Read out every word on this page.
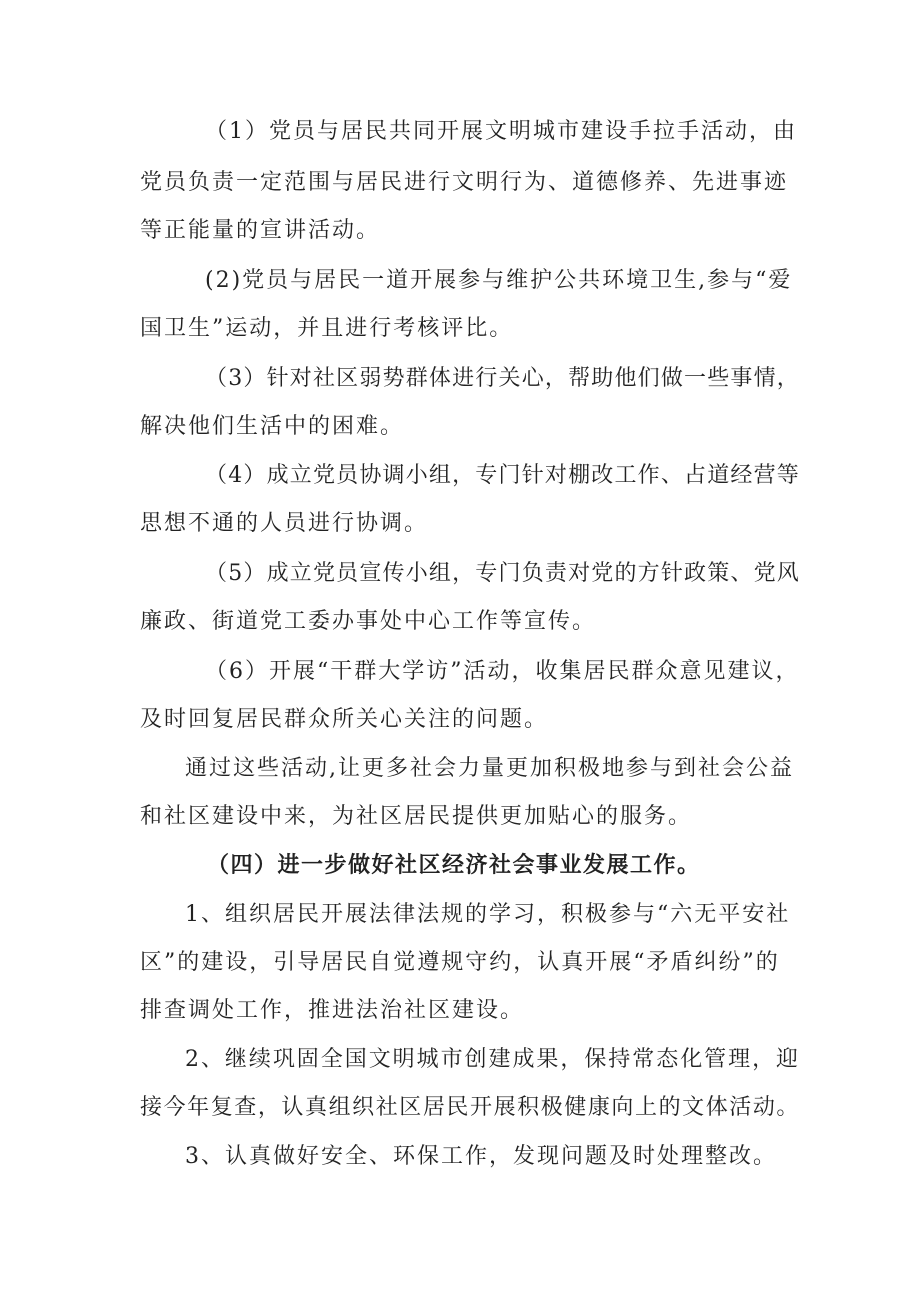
（1）党员与居民共同开展文明城市建设手拉手活动，由
党员负责一定范围与居民进行文明行为、道德修养、先进事迹
等正能量的宣讲活动。
(2)党员与居民一道开展参与维护公共环境卫生,参与“爱
国卫生”运动，并且进行考核评比。
（3）针对社区弱势群体进行关心，帮助他们做一些事情，
解决他们生活中的困难。
（4）成立党员协调小组，专门针对棚改工作、占道经营等
思想不通的人员进行协调。
（5）成立党员宣传小组，专门负责对党的方针政策、党风
廉政、街道党工委办事处中心工作等宣传。
（6）开展“干群大学访”活动，收集居民群众意见建议，
及时回复居民群众所关心关注的问题。
通过这些活动,让更多社会力量更加积极地参与到社会公益
和社区建设中来，为社区居民提供更加贴心的服务。
（四）进一步做好社区经济社会事业发展工作。
1、组织居民开展法律法规的学习，积极参与“六无平安社
区”的建设，引导居民自觉遵规守约，认真开展“矛盾纠纷”的
排查调处工作，推进法治社区建设。
2、继续巩固全国文明城市创建成果，保持常态化管理，迎
接今年复查，认真组织社区居民开展积极健康向上的文体活动。
3、认真做好安全、环保工作，发现问题及时处理整改。
